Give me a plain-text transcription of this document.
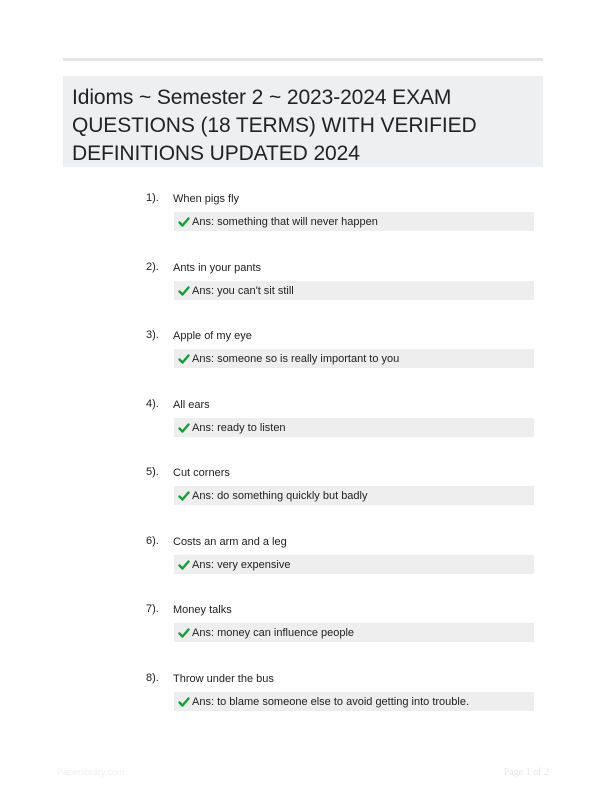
Idioms ~ Semester 2 ~ 2023-2024 EXAM QUESTIONS (18 TERMS) WITH VERIFIED DEFINITIONS UPDATED 2024
1). When pigs fly
Ans: something that will never happen
2). Ants in your pants
Ans: you can't sit still
3). Apple of my eye
Ans: someone so is really important to you
4). All ears
Ans: ready to listen
5). Cut corners
Ans: do something quickly but badly
6). Costs an arm and a leg
Ans: very expensive
7). Money talks
Ans: money can influence people
8). Throw under the bus
Ans: to blame someone else to avoid getting into trouble.
Paperlibrary.com	Page 1 of 2
